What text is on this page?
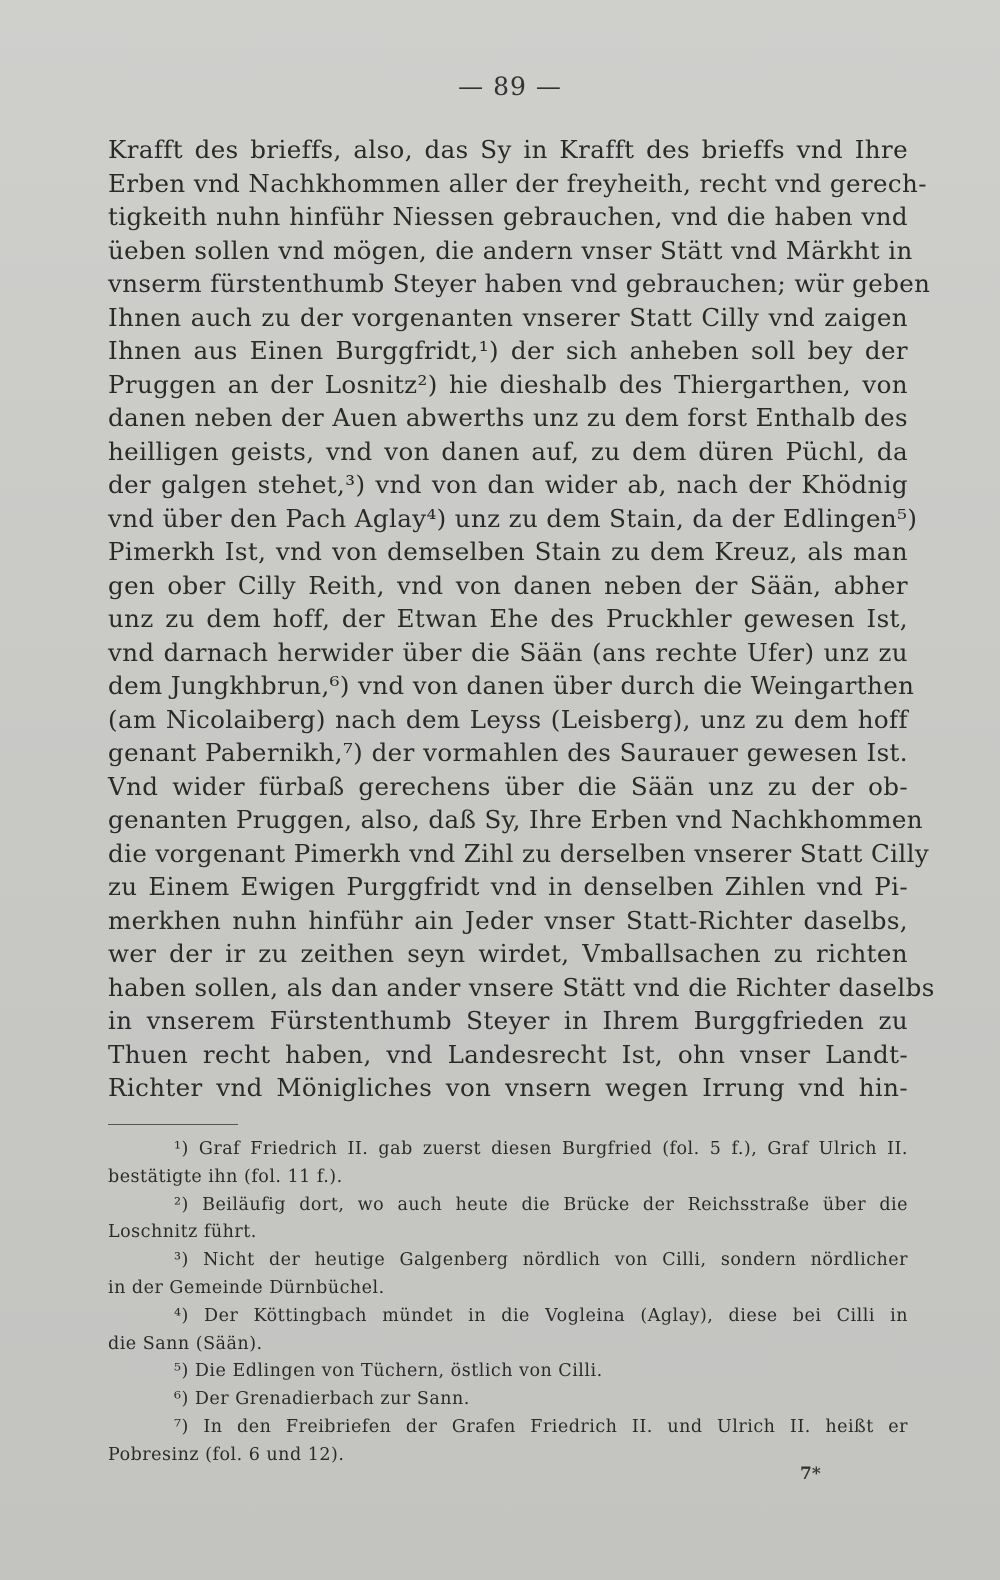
— 89 —
Krafft des brieffs, also, das Sy in Krafft des brieffs vnd Ihre
Erben vnd Nachkhommen aller der freyheith, recht vnd gerech-
tigkeith nuhn hinführ Niessen gebrauchen, vnd die haben vnd
üeben sollen vnd mögen, die andern vnser Stätt vnd Märkht in
vnserm fürstenthumb Steyer haben vnd gebrauchen; wür geben
Ihnen auch zu der vorgenanten vnserer Statt Cilly vnd zaigen
Ihnen aus Einen Burggfridt,¹) der sich anheben soll bey der
Pruggen an der Losnitz²) hie dieshalb des Thiergarthen, von
danen neben der Auen abwerths unz zu dem forst Enthalb des
heilligen geists, vnd von danen auf, zu dem düren Püchl, da
der galgen stehet,³) vnd von dan wider ab, nach der Khödnig
vnd über den Pach Aglay⁴) unz zu dem Stain, da der Edlingen⁵)
Pimerkh Ist, vnd von demselben Stain zu dem Kreuz, als man
gen ober Cilly Reith, vnd von danen neben der Sään, abher
unz zu dem hoff, der Etwan Ehe des Pruckhler gewesen Ist,
vnd darnach herwider über die Sään (ans rechte Ufer) unz zu
dem Jungkhbrun,⁶) vnd von danen über durch die Weingarthen
(am Nicolaiberg) nach dem Leyss (Leisberg), unz zu dem hoff
genant Pabernikh,⁷) der vormahlen des Saurauer gewesen Ist.
Vnd wider fürbaß gerechens über die Sään unz zu der ob-
genanten Pruggen, also, daß Sy, Ihre Erben vnd Nachkhommen
die vorgenant Pimerkh vnd Zihl zu derselben vnserer Statt Cilly
zu Einem Ewigen Purggfridt vnd in denselben Zihlen vnd Pi-
merkhen nuhn hinführ ain Jeder vnser Statt-Richter daselbs,
wer der ir zu zeithen seyn wirdet, Vmballsachen zu richten
haben sollen, als dan ander vnsere Stätt vnd die Richter daselbs
in vnserem Fürstenthumb Steyer in Ihrem Burggfrieden zu
Thuen recht haben, vnd Landesrecht Ist, ohn vnser Landt-
Richter vnd Mönigliches von vnsern wegen Irrung vnd hin-
¹) Graf Friedrich II. gab zuerst diesen Burgfried (fol. 5 f.), Graf Ulrich II.
bestätigte ihn (fol. 11 f.).
²) Beiläufig dort, wo auch heute die Brücke der Reichsstraße über die
Loschnitz führt.
³) Nicht der heutige Galgenberg nördlich von Cilli, sondern nördlicher
in der Gemeinde Dürnbüchel.
⁴) Der Köttingbach mündet in die Vogleina (Aglay), diese bei Cilli in
die Sann (Sään).
⁵) Die Edlingen von Tüchern, östlich von Cilli.
⁶) Der Grenadierbach zur Sann.
⁷) In den Freibriefen der Grafen Friedrich II. und Ulrich II. heißt er
Pobresinz (fol. 6 und 12).
7*
